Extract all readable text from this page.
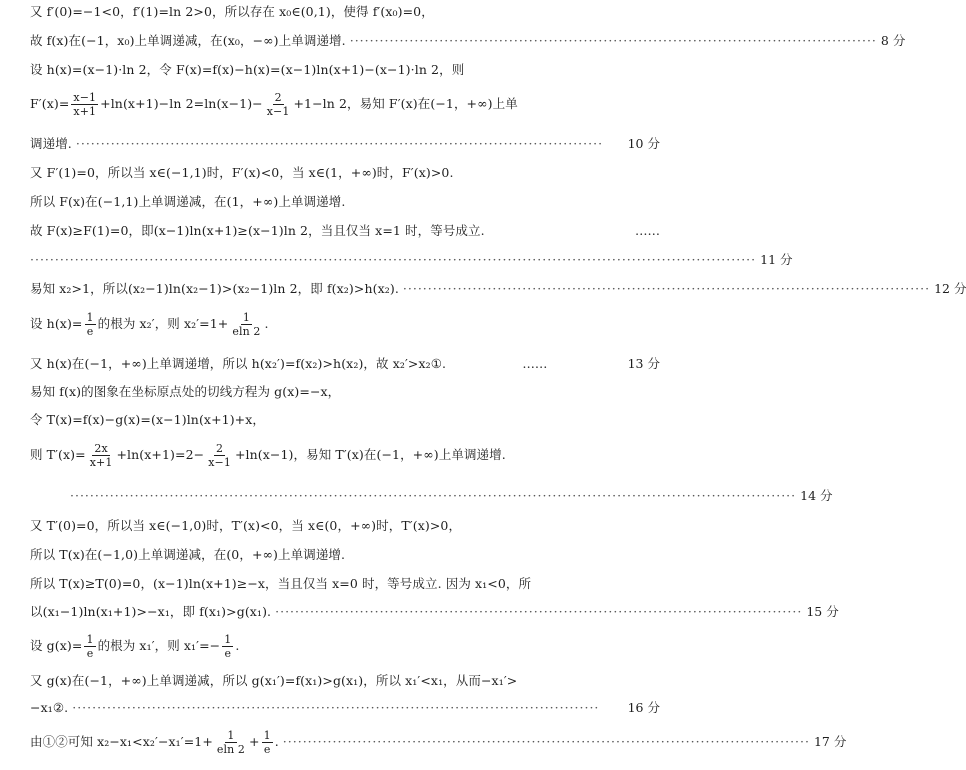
又 f′(0)=−1<0，f′(1)=ln 2>0，所以存在 x₀∈(0,1)，使得 f′(x₀)=0，
故 f(x)在(−1，x₀)上单调递减，在(x₀，−∞)上单调递增. ·········································································································· 8 分
设 h(x)=(x−1)·ln 2，令 F(x)=f(x)−h(x)=(x−1)ln(x+1)−(x−1)·ln 2，则
$F'(x)= \frac{x-1}{x+1} +\ln(x+1)-\ln$ $2=\ln(x-1)- \frac{2}{x-1} +1-\ln$ 2，易知 F′(x)在(−1，+∞)上单
调递增. ··········································································································	10 分
又 F′(1)=0，所以当 x∈(−1,1)时，F′(x)<0，当 x∈(1，+∞)时，F′(x)>0.
所以 F(x)在(−1,1)上单调递减，在(1，+∞)上单调递增.
故 F(x)≥F(1)=0，即(x−1)ln(x+1)≥(x−1)ln 2，当且仅当 x=1 时，等号成立.	……
·················································································································································· 11 分
易知 x₂>1，所以(x₂−1)ln(x₂−1)>(x₂−1)ln 2，即 f(x₂)>h(x₂). ·········································································································· 12 分
设 $h(x)= \frac{1}{e}$ 的根为 x₂′，则 $x_2'=1+ \frac{1}{eln 2}$ .
又 h(x)在(−1，+∞)上单调递增，所以 h(x₂′)=f(x₂)>h(x₂)，故 x₂′>x₂①.	……	13 分
易知 f(x)的图象在坐标原点处的切线方程为 g(x)=−x，
令 T(x)=f(x)−g(x)=(x−1)ln(x+1)+x，
则 $T'(x)= \frac{2x}{x+1} +\ln(x+1)=2- \frac{2}{x-1} +\ln(x-1)$，易知 T′(x)在(−1，+∞)上单调递增.
·················································································································································· 14 分
又 T′(0)=0，所以当 x∈(−1,0)时，T′(x)<0，当 x∈(0，+∞)时，T′(x)>0，
所以 T(x)在(−1,0)上单调递减，在(0，+∞)上单调递增.
所以 T(x)≥T(0)=0，(x−1)ln(x+1)≥−x，当且仅当 x=0 时，等号成立. 因为 x₁<0，所
以(x₁−1)ln(x₁+1)>−x₁，即 f(x₁)>g(x₁). ·········································································································· 15 分
设 $g(x)= \frac{1}{e}$ 的根为 x₁′，则 $x_1'=- \frac{1}{e}$ .
又 g(x)在(−1，+∞)上单调递减，所以 g(x₁′)=f(x₁)>g(x₁)，所以 x₁′<x₁，从而−x₁′>
−x₁②. ··········································································································	16 分
由①②可知 $x_2-x_1<x_2'-x_1'=1+ \frac{1}{eln 2} + \frac{1}{e}$ . ·········································································································· 17 分
